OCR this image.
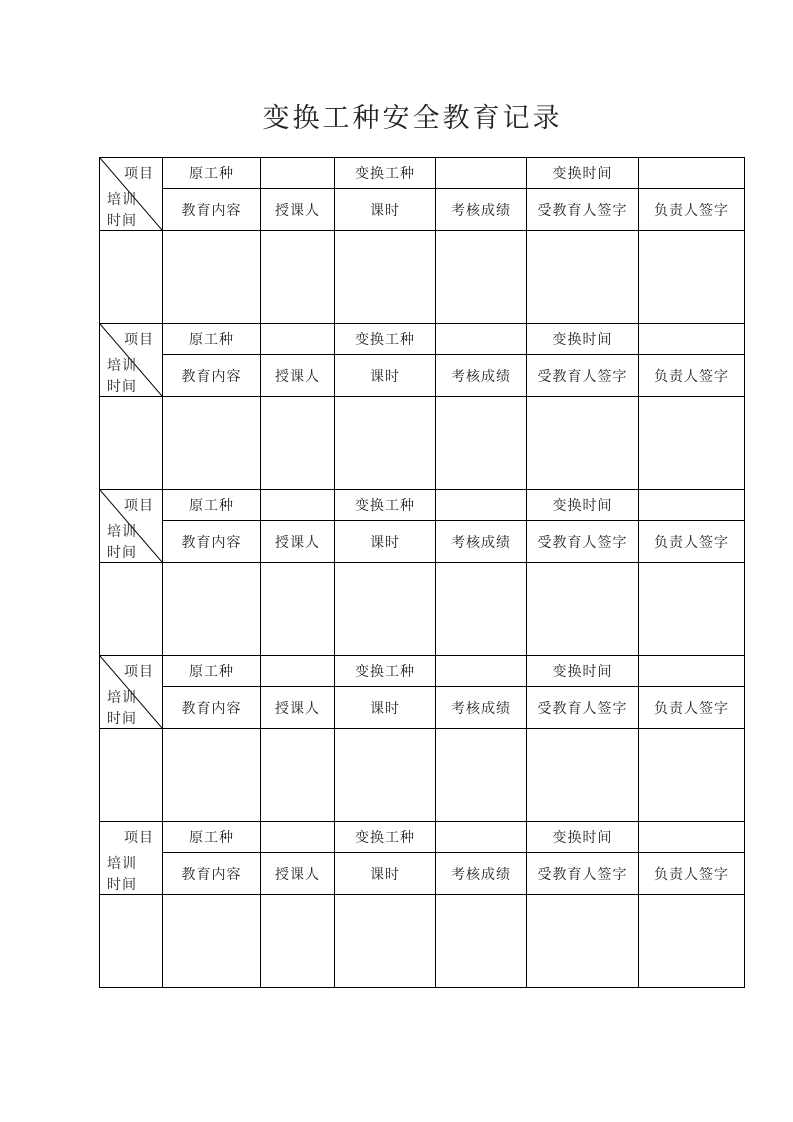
变换工种安全教育记录
项目
培训时间	原工种		变换工种		变换时间	
	教育内容	授课人	课时	考核成绩	受教育人签字	负责人签字

项目
培训时间	原工种		变换工种		变换时间	
	教育内容	授课人	课时	考核成绩	受教育人签字	负责人签字

项目
培训时间	原工种		变换工种		变换时间	
	教育内容	授课人	课时	考核成绩	受教育人签字	负责人签字

项目
培训时间	原工种		变换工种		变换时间	
	教育内容	授课人	课时	考核成绩	受教育人签字	负责人签字

项目
培训时间	原工种		变换工种		变换时间	
	教育内容	授课人	课时	考核成绩	受教育人签字	负责人签字
